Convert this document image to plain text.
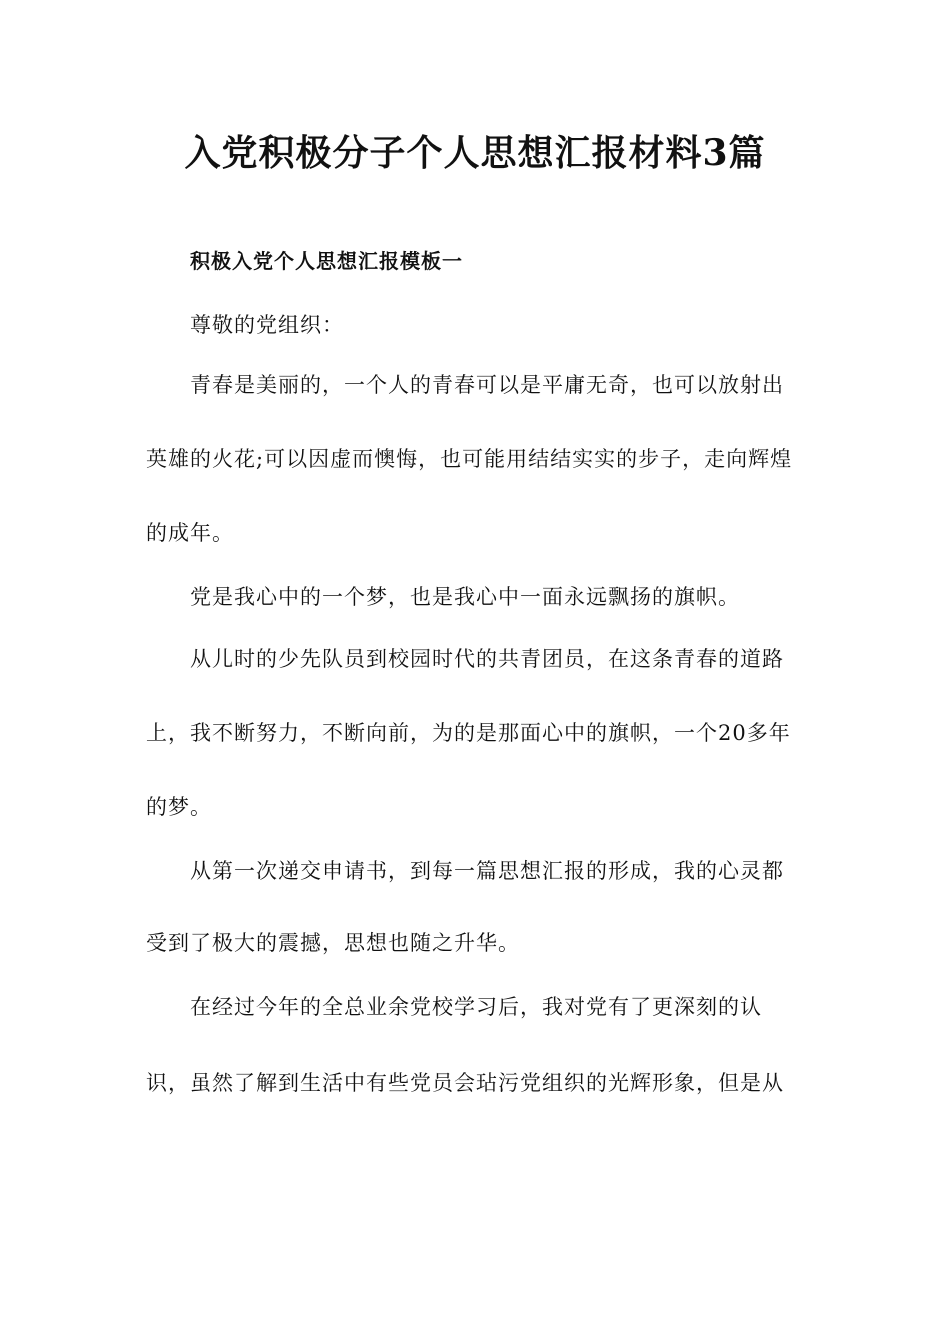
入党积极分子个人思想汇报材料3篇
积极入党个人思想汇报模板一
尊敬的党组织：
青春是美丽的，一个人的青春可以是平庸无奇，也可以放射出
英雄的火花;可以因虚而懊悔，也可能用结结实实的步子，走向辉煌
的成年。
党是我心中的一个梦，也是我心中一面永远飘扬的旗帜。
从儿时的少先队员到校园时代的共青团员，在这条青春的道路
上，我不断努力，不断向前，为的是那面心中的旗帜，一个20多年
的梦。
从第一次递交申请书，到每一篇思想汇报的形成，我的心灵都
受到了极大的震撼，思想也随之升华。
在经过今年的全总业余党校学习后，我对党有了更深刻的认
识，虽然了解到生活中有些党员会玷污党组织的光辉形象，但是从
